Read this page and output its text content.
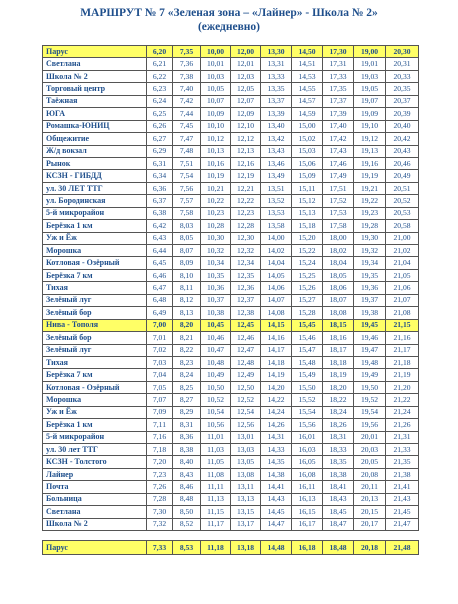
МАРШРУТ № 7 «Зеленая зона – «Лайнер» - Школа № 2»
(ежедневно)
Парус	6,20	7,35	10,00	12,00	13,30	14,50	17,30	19,00	20,30
Светлана	6,21	7,36	10,01	12,01	13,31	14,51	17,31	19,01	20,31
Школа № 2	6,22	7,38	10,03	12,03	13,33	14,53	17,33	19,03	20,33
Торговый центр	6,23	7,40	10,05	12,05	13,35	14,55	17,35	19,05	20,35
Таёжная	6,24	7,42	10,07	12,07	13,37	14,57	17,37	19,07	20,37
ЮГА	6,25	7,44	10,09	12,09	13,39	14,59	17,39	19,09	20,39
Ромашка-ЮНИЦ	6,26	7,45	10,10	12,10	13,40	15,00	17,40	19,10	20,40
Общежитие	6,27	7,47	10,12	12,12	13,42	15,02	17,42	19,12	20,42
Ж/д вокзал	6,29	7,48	10,13	12,13	13,43	15,03	17,43	19,13	20,43
Рынок	6,31	7,51	10,16	12,16	13,46	15,06	17,46	19,16	20,46
КСЗН - ГИБДД	6,34	7,54	10,19	12,19	13,49	15,09	17,49	19,19	20,49
ул. 30 ЛЕТ ТТГ	6,36	7,56	10,21	12,21	13,51	15,11	17,51	19,21	20,51
ул. Бородинская	6,37	7,57	10,22	12,22	13,52	15,12	17,52	19,22	20,52
5-й микрорайон	6,38	7,58	10,23	12,23	13,53	15,13	17,53	19,23	20,53
Берёзка 1 км	6,42	8,03	10,28	12,28	13,58	15,18	17,58	19,28	20,58
Уж и Ёж	6,43	8,05	10,30	12,30	14,00	15,20	18,00	19,30	21,00
Морошка	6,44	8,07	10,32	12,32	14,02	15,22	18,02	19,32	21,02
Котловая - Озёрный	6,45	8,09	10,34	12,34	14,04	15,24	18,04	19,34	21,04
Берёзка 7 км	6,46	8,10	10,35	12,35	14,05	15,25	18,05	19,35	21,05
Тихая	6,47	8,11	10,36	12,36	14,06	15,26	18,06	19,36	21,06
Зелёный луг	6,48	8,12	10,37	12,37	14,07	15,27	18,07	19,37	21,07
Зелёный бор	6,49	8,13	10,38	12,38	14,08	15,28	18,08	19,38	21,08
Нива - Тополя	7,00	8,20	10,45	12,45	14,15	15,45	18,15	19,45	21,15
Зелёный бор	7,01	8,21	10,46	12,46	14,16	15,46	18,16	19,46	21,16
Зелёный луг	7,02	8,22	10,47	12,47	14,17	15,47	18,17	19,47	21,17
Тихая	7,03	8,23	10,48	12,48	14,18	15,48	18,18	19,48	21,18
Берёзка 7 км	7,04	8,24	10,49	12,49	14,19	15,49	18,19	19,49	21,19
Котловая - Озёрный	7,05	8,25	10,50	12,50	14,20	15,50	18,20	19,50	21,20
Морошка	7,07	8,27	10,52	12,52	14,22	15,52	18,22	19,52	21,22
Уж и Ёж	7,09	8,29	10,54	12,54	14,24	15,54	18,24	19,54	21,24
Берёзка 1 км	7,11	8,31	10,56	12,56	14,26	15,56	18,26	19,56	21,26
5-й микрорайон	7,16	8,36	11,01	13,01	14,31	16,01	18,31	20,01	21,31
ул. 30 лет ТТГ	7,18	8,38	11,03	13,03	14,33	16,03	18,33	20,03	21,33
КСЗН - Толстого	7,20	8,40	11,05	13,05	14,35	16,05	18,35	20,05	21,35
Лайнер	7,23	8,43	11,08	13,08	14,38	16,08	18,38	20,08	21,38
Почта	7,26	8,46	11,11	13,11	14,41	16,11	18,41	20,11	21,41
Больница	7,28	8,48	11,13	13,13	14,43	16,13	18,43	20,13	21,43
Светлана	7,30	8,50	11,15	13,15	14,45	16,15	18,45	20,15	21,45
Школа № 2	7,32	8,52	11,17	13,17	14,47	16,17	18,47	20,17	21,47

Парус	7,33	8,53	11,18	13,18	14,48	16,18	18,48	20,18	21,48
